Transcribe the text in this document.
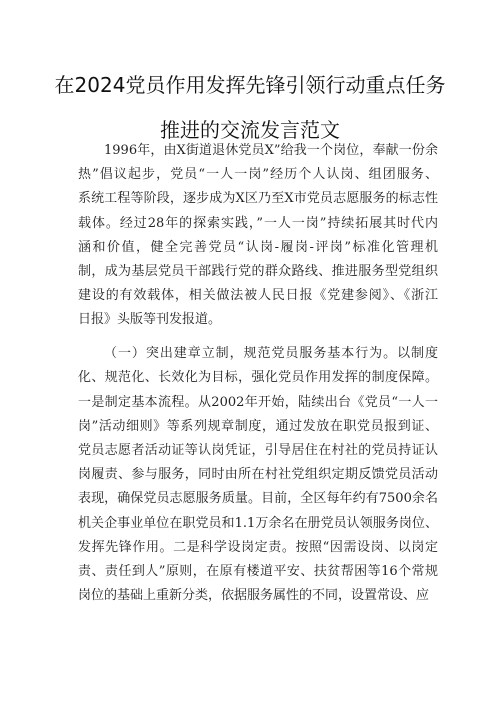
在2024党员作用发挥先锋引领行动重点任务
推进的交流发言范文
1996年，由X街道退休党员X”给我一个岗位，奉献一份余
热”倡议起步，党员“一人一岗”经历个人认岗、组团服务、
系统工程等阶段，逐步成为X区乃至X市党员志愿服务的标志性
载体。经过28年的探索实践，”一人一岗”持续拓展其时代内
涵和价值，健全完善党员“认岗-履岗-评岗”标准化管理机
制，成为基层党员干部践行党的群众路线、推进服务型党组织
建设的有效载体，相关做法被人民日报《党建参阅》、《浙江
日报》头版等刊发报道。
（一）突出建章立制，规范党员服务基本行为。以制度
化、规范化、长效化为目标，强化党员作用发挥的制度保障。
一是制定基本流程。从2002年开始，陆续出台《党员“一人一
岗”活动细则》等系列规章制度，通过发放在职党员报到证、
党员志愿者活动证等认岗凭证，引导居住在村社的党员持证认
岗履责、参与服务，同时由所在村社党组织定期反馈党员活动
表现，确保党员志愿服务质量。目前，全区每年约有7500余名
机关企事业单位在职党员和1.1万余名在册党员认领服务岗位、
发挥先锋作用。二是科学设岗定责。按照“因需设岗、以岗定
责、责任到人”原则，在原有楼道平安、扶贫帮困等16个常规
岗位的基础上重新分类，依据服务属性的不同，设置常设、应
